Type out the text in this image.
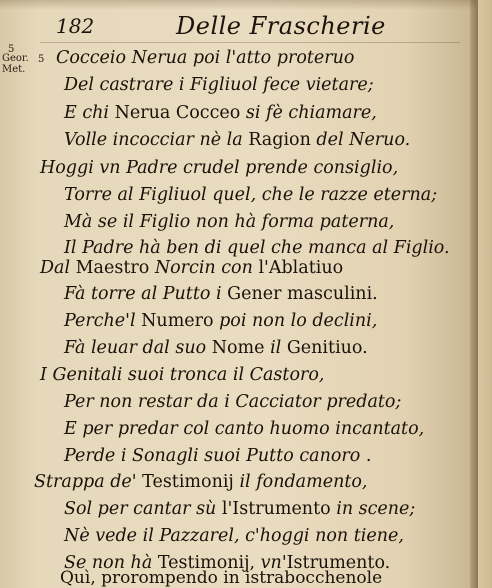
182	Delle Frascherie
5
Geor. Met.
5 Cocceio Nerua poi l'atto proteruo
Del castrare i Figliuol fece vietare;
E chi Nerua Cocceo si fè chiamare,
Volle incocciar nè la Ragion del Neruo.
Hoggi vn Padre crudel prende consiglio,
Torre al Figliuol quel, che le razze eterna;
Mà se il Figlio non hà forma paterna,
Il Padre hà ben di quel che manca al Figlio.
Dal Maestro Norcin con l'Ablatiuo
Fà torre al Putto i Gener masculini.
Perche'l Numero poi non lo declini,
Fà leuar dal suo Nome il Genitiuo.
I Genitali suoi tronca il Castoro,
Per non restar da i Cacciator predato;
E per predar col canto huomo incantato,
Perde i Sonagli suoi Putto canoro .
Strappa de' Testimonij il fondamento,
Sol per cantar sù l'Istrumento in scene;
Nè vede il Pazzarel, c'hoggi non tiene,
Se non hà Testimonij, vn'Istrumento.
Quì, prorompendo in istrabocchenole
